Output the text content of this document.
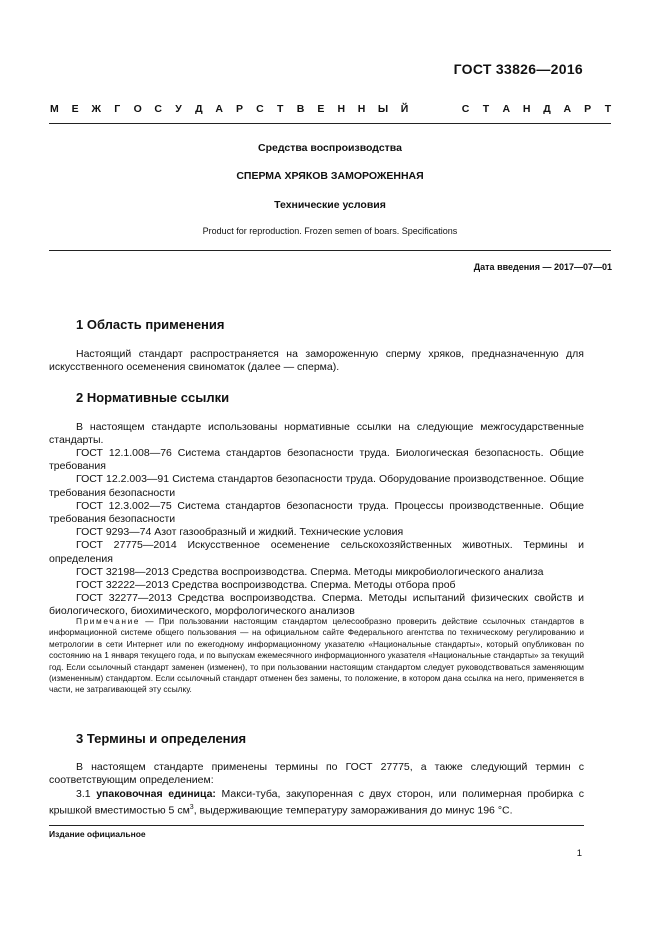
ГОСТ 33826—2016
М Е Ж Г О С У Д А Р С Т В Е Н Н Ы Й	С Т А Н Д А Р Т
Средства воспроизводства
СПЕРМА ХРЯКОВ ЗАМОРОЖЕННАЯ
Технические условия
Product for reproduction. Frozen semen of boars. Specifications
Дата введения — 2017—07—01
1 Область применения

Настоящий стандарт распространяется на замороженную сперму хряков, предназначенную для искусственного осеменения свиноматок (далее — сперма).

2 Нормативные ссылки

В настоящем стандарте использованы нормативные ссылки на следующие межгосударственные стандарты.

ГОСТ 12.1.008—76 Система стандартов безопасности труда. Биологическая безопасность. Общие требования
ГОСТ 12.2.003—91 Система стандартов безопасности труда. Оборудование производственное. Общие требования безопасности
ГОСТ 12.3.002—75 Система стандартов безопасности труда. Процессы производственные. Общие требования безопасности
ГОСТ 9293—74 Азот газообразный и жидкий. Технические условия
ГОСТ 27775—2014 Искусственное осеменение сельскохозяйственных животных. Термины и определения
ГОСТ 32198—2013 Средства воспроизводства. Сперма. Методы микробиологического анализа
ГОСТ 32222—2013 Средства воспроизводства. Сперма. Методы отбора проб
ГОСТ 32277—2013 Средства воспроизводства. Сперма. Методы испытаний физических свойств и биологического, биохимического, морфологического анализов

Примечание — При пользовании настоящим стандартом целесообразно проверить действие ссылочных стандартов в информационной системе общего пользования — на официальном сайте Федерального агентства по техническому регулированию и метрологии в сети Интернет или по ежегодному информационному указателю «Национальные стандарты», который опубликован по состоянию на 1 января текущего года, и по выпускам ежемесячного информационного указателя «Национальные стандарты» за текущий год. Если ссылочный стандарт заменен (изменен), то при пользовании настоящим стандартом следует руководствоваться заменяющим (измененным) стандартом. Если ссылочный стандарт отменен без замены, то положение, в котором дана ссылка на него, применяется в части, не затрагивающей эту ссылку.

3 Термины и определения

В настоящем стандарте применены термины по ГОСТ 27775, а также следующий термин с соответствующим определением:

3.1 упаковочная единица: Макси-туба, закупоренная с двух сторон, или полимерная пробирка с крышкой вместимостью 5 $см^3$, выдерживающие температуру замораживания до минус 196 °С.

Издание официальное
1
